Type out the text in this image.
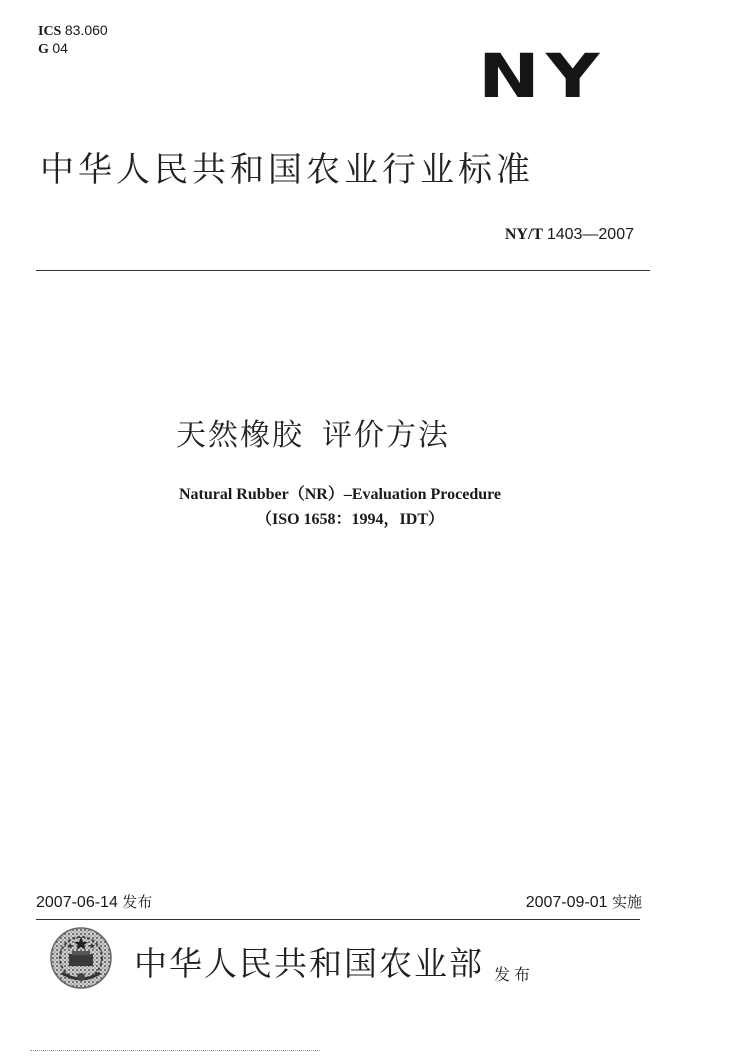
ICS 83.060
G 04	NY
中华人民共和国农业行业标准
NY/T 1403—2007
天然橡胶 评价方法
Natural Rubber（NR）–Evaluation Procedure
（ISO 1658：1994，IDT）
2007-06-14 发布	2007-09-01 实施
中华人民共和国农业部 发布
